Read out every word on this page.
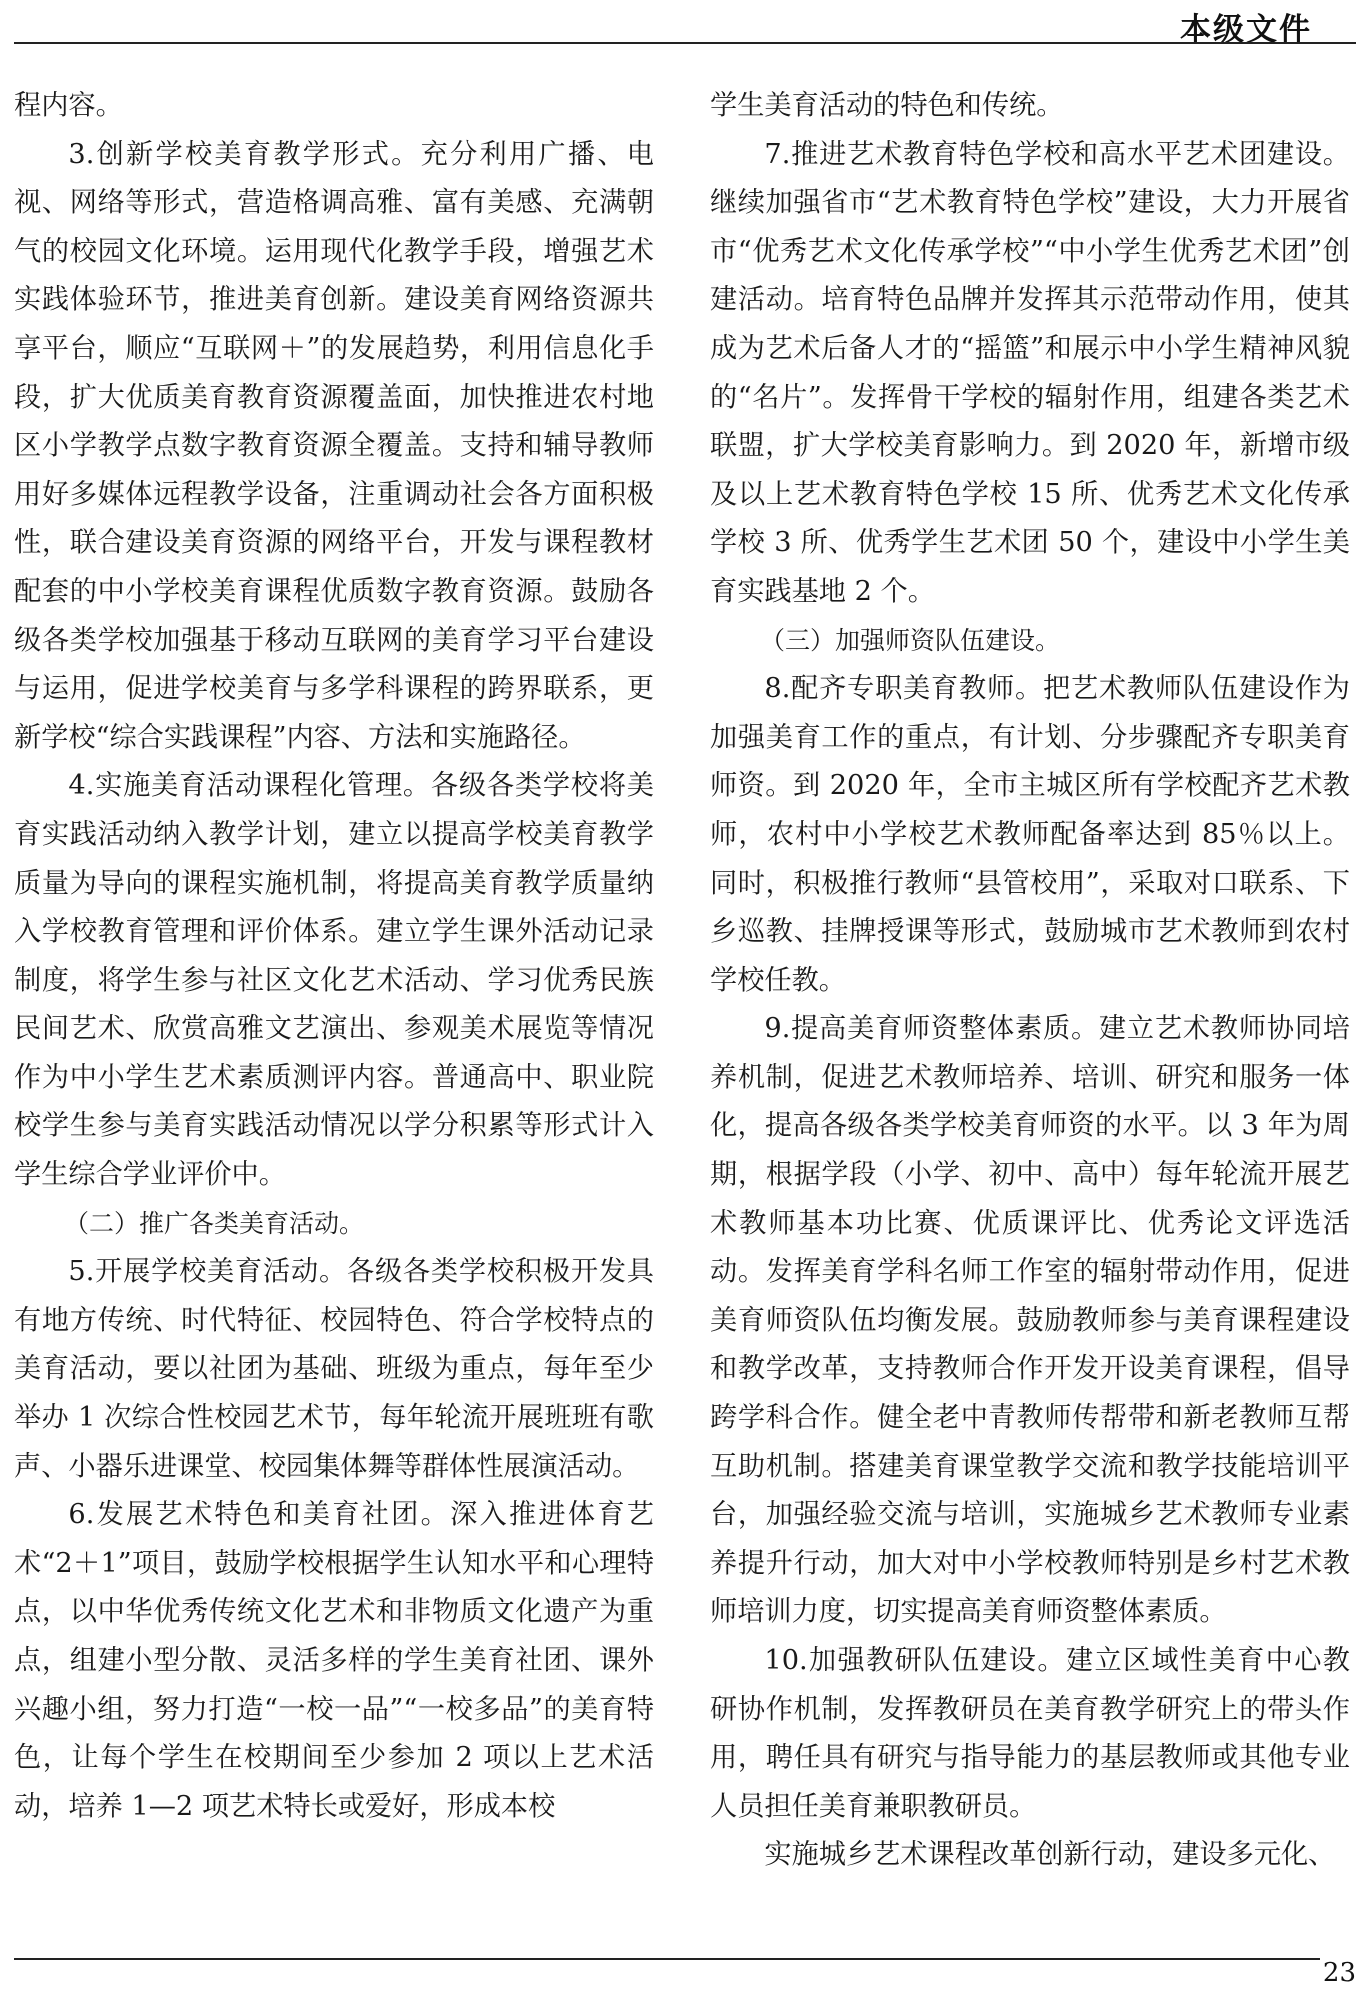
本级文件

程内容。

3.创新学校美育教学形式。充分利用广播、电视、网络等形式，营造格调高雅、富有美感、充满朝气的校园文化环境。运用现代化教学手段，增强艺术实践体验环节，推进美育创新。建设美育网络资源共享平台，顺应“互联网＋”的发展趋势，利用信息化手段，扩大优质美育教育资源覆盖面，加快推进农村地区小学教学点数字教育资源全覆盖。支持和辅导教师用好多媒体远程教学设备，注重调动社会各方面积极性，联合建设美育资源的网络平台，开发与课程教材配套的中小学校美育课程优质数字教育资源。鼓励各级各类学校加强基于移动互联网的美育学习平台建设与运用，促进学校美育与多学科课程的跨界联系，更新学校“综合实践课程”内容、方法和实施路径。

4.实施美育活动课程化管理。各级各类学校将美育实践活动纳入教学计划，建立以提高学校美育教学质量为导向的课程实施机制，将提高美育教学质量纳入学校教育管理和评价体系。建立学生课外活动记录制度，将学生参与社区文化艺术活动、学习优秀民族民间艺术、欣赏高雅文艺演出、参观美术展览等情况作为中小学生艺术素质测评内容。普通高中、职业院校学生参与美育实践活动情况以学分积累等形式计入学生综合学业评价中。

（二）推广各类美育活动。

5.开展学校美育活动。各级各类学校积极开发具有地方传统、时代特征、校园特色、符合学校特点的美育活动，要以社团为基础、班级为重点，每年至少举办 1 次综合性校园艺术节，每年轮流开展班班有歌声、小器乐进课堂、校园集体舞等群体性展演活动。

6.发展艺术特色和美育社团。深入推进体育艺术“2＋1”项目，鼓励学校根据学生认知水平和心理特点，以中华优秀传统文化艺术和非物质文化遗产为重点，组建小型分散、灵活多样的学生美育社团、课外兴趣小组，努力打造“一校一品”“一校多品”的美育特色，让每个学生在校期间至少参加 2 项以上艺术活动，培养 1—2 项艺术特长或爱好，形成本校

学生美育活动的特色和传统。

7.推进艺术教育特色学校和高水平艺术团建设。继续加强省市“艺术教育特色学校”建设，大力开展省市“优秀艺术文化传承学校”“中小学生优秀艺术团”创建活动。培育特色品牌并发挥其示范带动作用，使其成为艺术后备人才的“摇篮”和展示中小学生精神风貌的“名片”。发挥骨干学校的辐射作用，组建各类艺术联盟，扩大学校美育影响力。到 2020 年，新增市级及以上艺术教育特色学校 15 所、优秀艺术文化传承学校 3 所、优秀学生艺术团 50 个，建设中小学生美育实践基地 2 个。

（三）加强师资队伍建设。

8.配齐专职美育教师。把艺术教师队伍建设作为加强美育工作的重点，有计划、分步骤配齐专职美育师资。到 2020 年，全市主城区所有学校配齐艺术教师，农村中小学校艺术教师配备率达到 85％以上。同时，积极推行教师“县管校用”，采取对口联系、下乡巡教、挂牌授课等形式，鼓励城市艺术教师到农村学校任教。

9.提高美育师资整体素质。建立艺术教师协同培养机制，促进艺术教师培养、培训、研究和服务一体化，提高各级各类学校美育师资的水平。以 3 年为周期，根据学段（小学、初中、高中）每年轮流开展艺术教师基本功比赛、优质课评比、优秀论文评选活动。发挥美育学科名师工作室的辐射带动作用，促进美育师资队伍均衡发展。鼓励教师参与美育课程建设和教学改革，支持教师合作开发开设美育课程，倡导跨学科合作。健全老中青教师传帮带和新老教师互帮互助机制。搭建美育课堂教学交流和教学技能培训平台，加强经验交流与培训，实施城乡艺术教师专业素养提升行动，加大对中小学校教师特别是乡村艺术教师培训力度，切实提高美育师资整体素质。

10.加强教研队伍建设。建立区域性美育中心教研协作机制，发挥教研员在美育教学研究上的带头作用，聘任具有研究与指导能力的基层教师或其他专业人员担任美育兼职教研员。

实施城乡艺术课程改革创新行动，建设多元化、

23
